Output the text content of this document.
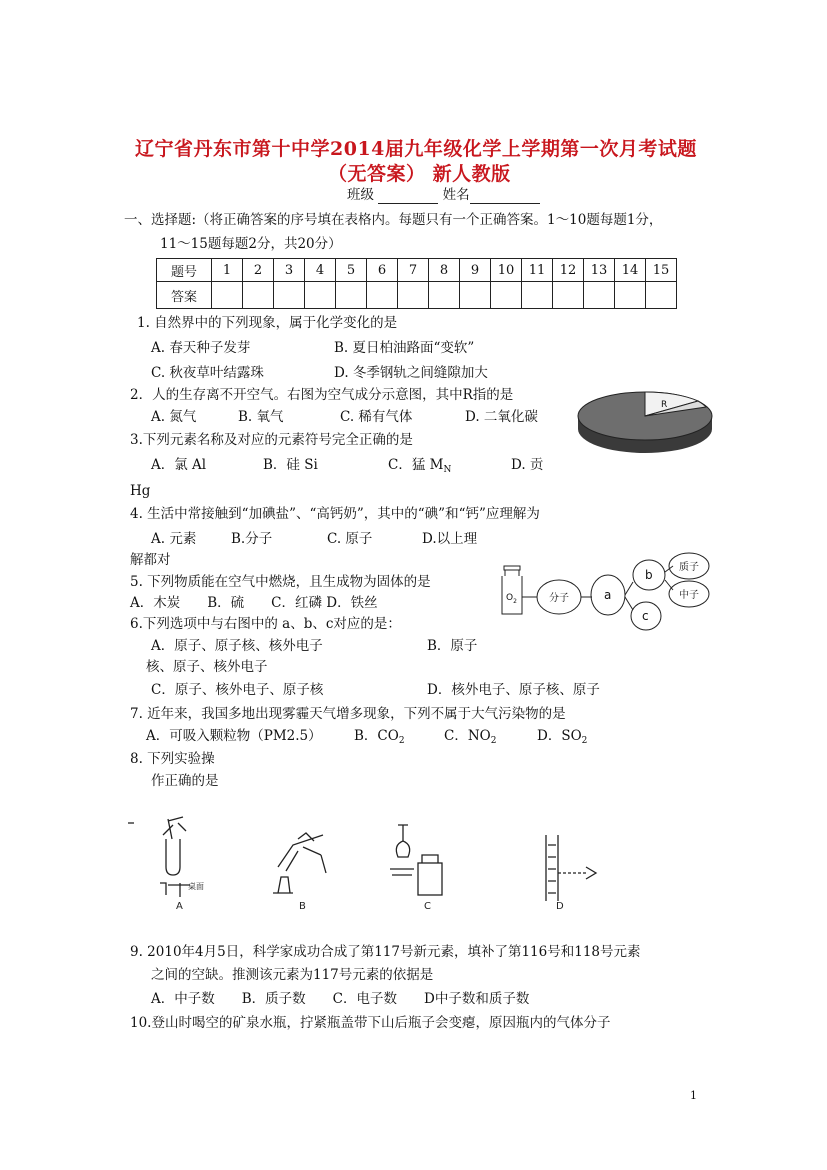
辽宁省丹东市第十中学2014届九年级化学上学期第一次月考试题
（无答案） 新人教版
班级	姓名
一、选择题:（将正确答案的序号填在表格内。每题只有一个正确答案。1～10题每题1分，
11～15题每题2分，共20分）
题号	1	2	3	4	5	6	7	8	9	10	11	12	13	14	15
答案															
1. 自然界中的下列现象，属于化学变化的是
A. 春天种子发芽	B. 夏日柏油路面“变软”
C. 秋夜草叶结露珠	D. 冬季钢轨之间缝隙加大
2．人的生存离不开空气。右图为空气成分示意图，其中R指的是
A. 氮气	B. 氧气	C. 稀有气体	D. 二氧化碳
R
3.下列元素名称及对应的元素符号完全正确的是
A．氯 Al	B．硅 Si	C．猛 $M_N$	D. 贡
Hg
4. 生活中常接触到“加碘盐”、“高钙奶”，其中的“碘”和“钙”应理解为
A. 元素	B.分子	C. 原子	D.以上理
解都对
5. 下列物质能在空气中燃烧，且生成物为固体的是
A．木炭　　B．硫　　C．红磷 D．铁丝	$O_2$	分子	a
b
c
质子
中子
6.下列选项中与右图中的 a、b、c对应的是：
A．原子、原子核、核外电子	B．原子
核、原子、核外电子
C．原子、核外电子、原子核	D．核外电子、原子核、原子
7. 近年来，我国多地出现雾霾天气增多现象，下列不属于大气污染物的是
A．可吸入颗粒物（PM2.5） B．$CO_2$	C．$NO_2$	D．$SO_2$
8. 下列实验操
作正确的是
桌面
A	B	C	D
9. 2010年4月5日，科学家成功合成了第117号新元素，填补了第116号和118号元素
之间的空缺。推测该元素为117号元素的依据是
A．中子数　　B．质子数　　C．电子数　　D中子数和质子数
10.登山时喝空的矿泉水瓶，拧紧瓶盖带下山后瓶子会变瘪，原因瓶内的气体分子
1
